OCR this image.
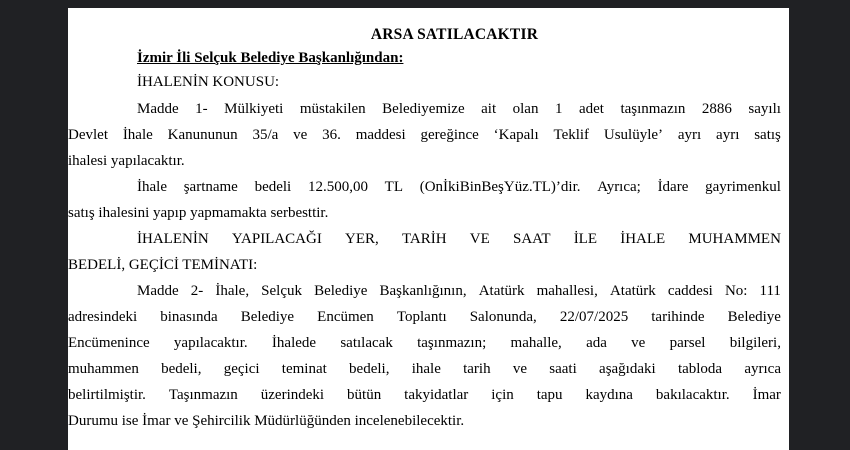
ARSA SATILACAKTIR
İzmir İli Selçuk Belediye Başkanlığından:
İHALENİN KONUSU:
Madde 1- Mülkiyeti müstakilen Belediyemize ait olan 1 adet taşınmazın 2886 sayılı
Devlet İhale Kanununun 35/a ve 36. maddesi gereğince ‘Kapalı Teklif Usulüyle’ ayrı ayrı satış
ihalesi yapılacaktır.
İhale şartname bedeli 12.500,00 TL (OnİkiBinBeşYüz.TL)’dir. Ayrıca; İdare gayrimenkul
satış ihalesini yapıp yapmamakta serbesttir.
İHALENİN YAPILACAĞI YER, TARİH VE SAAT İLE İHALE MUHAMMEN
BEDELİ, GEÇİCİ TEMİNATI:
Madde 2- İhale, Selçuk Belediye Başkanlığının, Atatürk mahallesi, Atatürk caddesi No: 111
adresindeki binasında Belediye Encümen Toplantı Salonunda, 22/07/2025 tarihinde Belediye
Encümenince yapılacaktır. İhalede satılacak taşınmazın; mahalle, ada ve parsel bilgileri,
muhammen bedeli, geçici teminat bedeli, ihale tarih ve saati aşağıdaki tabloda ayrıca
belirtilmiştir. Taşınmazın üzerindeki bütün takyidatlar için tapu kaydına bakılacaktır. İmar
Durumu ise İmar ve Şehircilik Müdürlüğünden incelenebilecektir.
